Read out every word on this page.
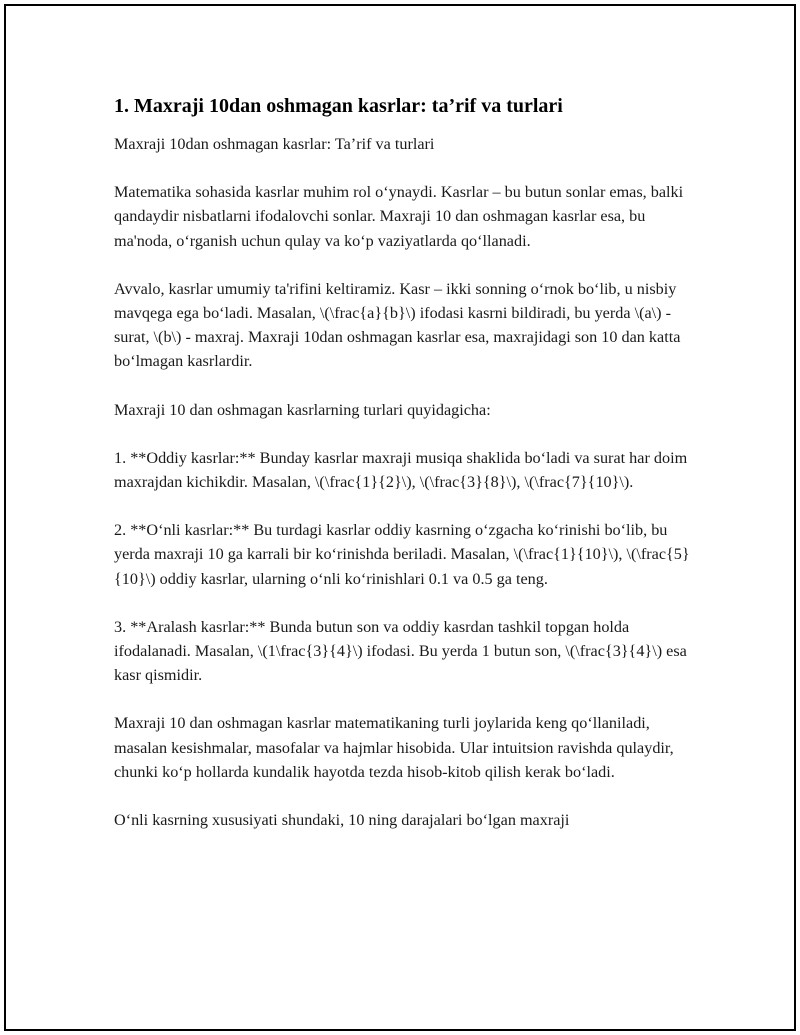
1. Maxraji 10dan oshmagan kasrlar: ta’rif va turlari

Maxraji 10dan oshmagan kasrlar: Ta’rif va turlari

Matematika sohasida kasrlar muhim rol o‘ynaydi. Kasrlar – bu butun sonlar emas, balki qandaydir nisbatlarni ifodalovchi sonlar. Maxraji 10 dan oshmagan kasrlar esa, bu ma'noda, o‘rganish uchun qulay va ko‘p vaziyatlarda qo‘llanadi.

Avvalo, kasrlar umumiy ta'rifini keltiramiz. Kasr – ikki sonning o‘rnok bo‘lib, u nisbiy mavqega ega bo‘ladi. Masalan, \(\frac{a}{b}\) ifodasi kasrni bildiradi, bu yerda \(a\) - surat, \(b\) - maxraj. Maxraji 10dan oshmagan kasrlar esa, maxrajidagi son 10 dan katta bo‘lmagan kasrlardir.

Maxraji 10 dan oshmagan kasrlarning turlari quyidagicha:

1. **Oddiy kasrlar:** Bunday kasrlar maxraji musiqa shaklida bo‘ladi va surat har doim maxrajdan kichikdir. Masalan, \(\frac{1}{2}\), \(\frac{3}{8}\), \(\frac{7}{10}\).

2. **O‘nli kasrlar:** Bu turdagi kasrlar oddiy kasrning o‘zgacha ko‘rinishi bo‘lib, bu yerda maxraji 10 ga karrali bir ko‘rinishda beriladi. Masalan, \(\frac{1}{10}\), \(\frac{5}{10}\) oddiy kasrlar, ularning o‘nli ko‘rinishlari 0.1 va 0.5 ga teng.

3. **Aralash kasrlar:** Bunda butun son va oddiy kasrdan tashkil topgan holda ifodalanadi. Masalan, \(1\frac{3}{4}\) ifodasi. Bu yerda 1 butun son, \(\frac{3}{4}\) esa kasr qismidir.

Maxraji 10 dan oshmagan kasrlar matematikaning turli joylarida keng qo‘llaniladi, masalan kesishmalar, masofalar va hajmlar hisobida. Ular intuitsion ravishda qulaydir, chunki ko‘p hollarda kundalik hayotda tezda hisob-kitob qilish kerak bo‘ladi.

O‘nli kasrning xususiyati shundaki, 10 ning darajalari bo‘lgan maxraji
